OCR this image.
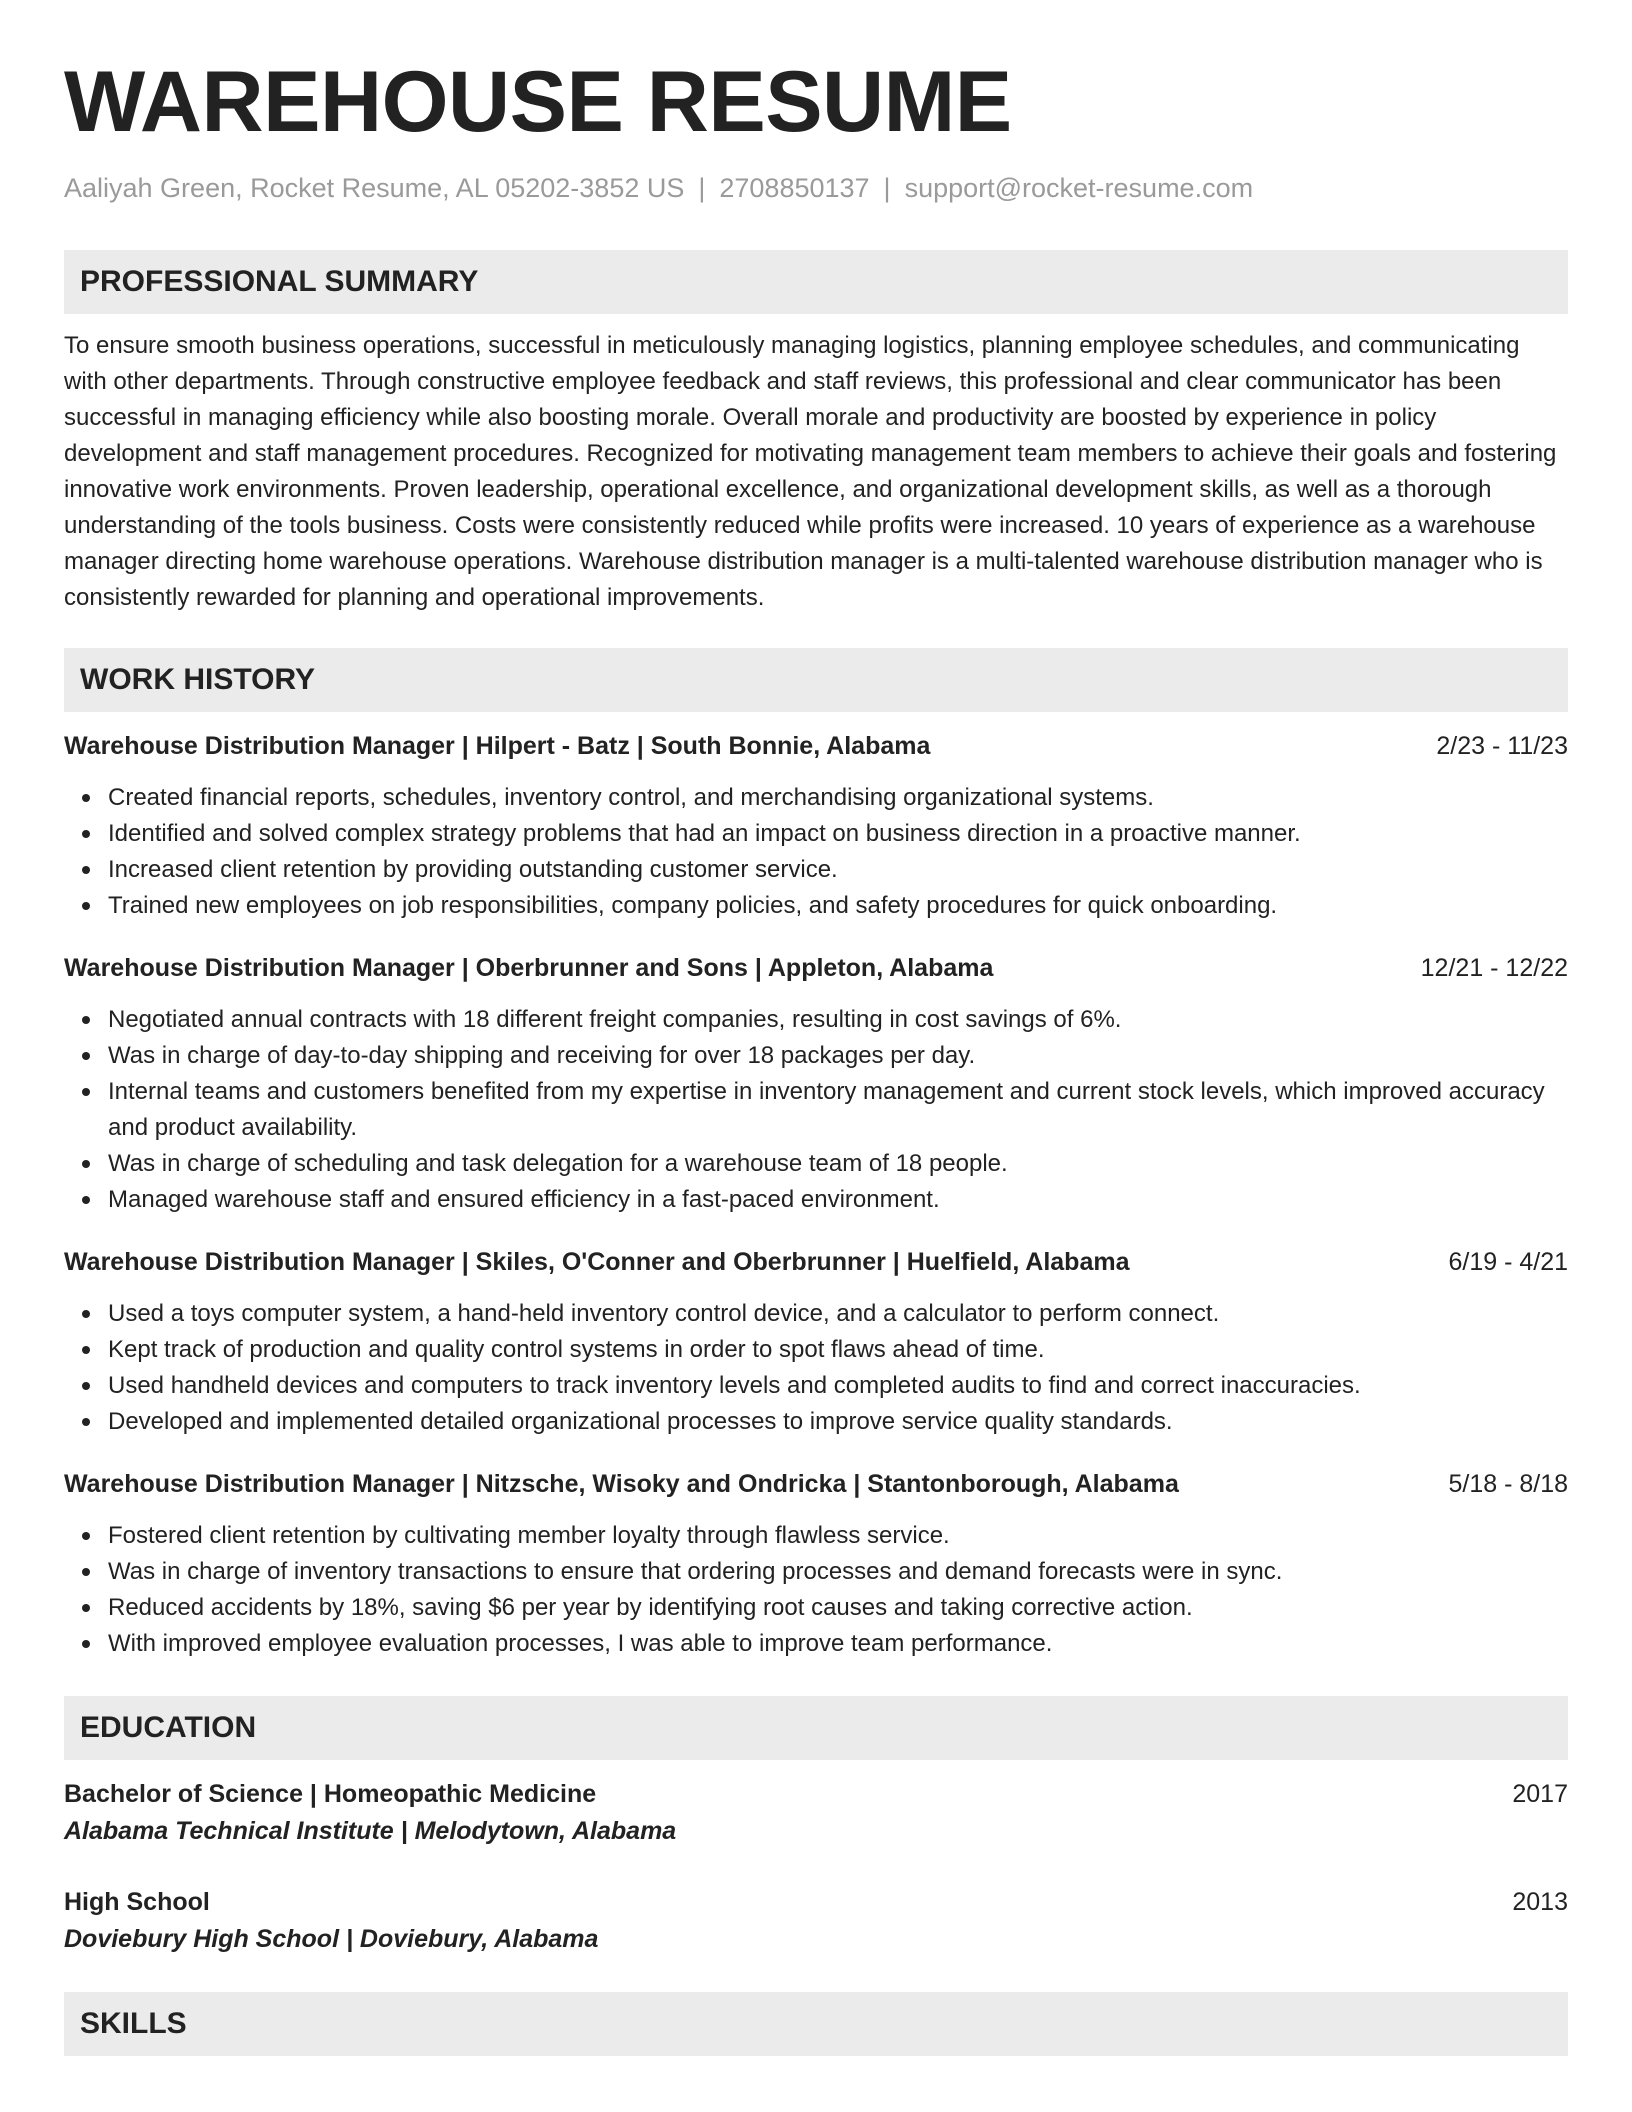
WAREHOUSE RESUME
Aaliyah Green, Rocket Resume, AL 05202-3852 US | 2708850137 | support@rocket-resume.com
PROFESSIONAL SUMMARY

To ensure smooth business operations, successful in meticulously managing logistics, planning employee schedules, and communicating with other departments. Through constructive employee feedback and staff reviews, this professional and clear communicator has been successful in managing efficiency while also boosting morale. Overall morale and productivity are boosted by experience in policy development and staff management procedures. Recognized for motivating management team members to achieve their goals and fostering innovative work environments. Proven leadership, operational excellence, and organizational development skills, as well as a thorough understanding of the tools business. Costs were consistently reduced while profits were increased. 10 years of experience as a warehouse manager directing home warehouse operations. Warehouse distribution manager is a multi-talented warehouse distribution manager who is consistently rewarded for planning and operational improvements.

WORK HISTORY
Warehouse Distribution Manager | Hilpert - Batz | South Bonnie, Alabama	2/23 - 11/23
Created financial reports, schedules, inventory control, and merchandising organizational systems.
Identified and solved complex strategy problems that had an impact on business direction in a proactive manner.
Increased client retention by providing outstanding customer service.
Trained new employees on job responsibilities, company policies, and safety procedures for quick onboarding.
Warehouse Distribution Manager | Oberbrunner and Sons | Appleton, Alabama	12/21 - 12/22
Negotiated annual contracts with 18 different freight companies, resulting in cost savings of 6%.
Was in charge of day-to-day shipping and receiving for over 18 packages per day.
Internal teams and customers benefited from my expertise in inventory management and current stock levels, which improved accuracy and product availability.
Was in charge of scheduling and task delegation for a warehouse team of 18 people.
Managed warehouse staff and ensured efficiency in a fast-paced environment.
Warehouse Distribution Manager | Skiles, O'Conner and Oberbrunner | Huelfield, Alabama	6/19 - 4/21
Used a toys computer system, a hand-held inventory control device, and a calculator to perform connect.
Kept track of production and quality control systems in order to spot flaws ahead of time.
Used handheld devices and computers to track inventory levels and completed audits to find and correct inaccuracies.
Developed and implemented detailed organizational processes to improve service quality standards.
Warehouse Distribution Manager | Nitzsche, Wisoky and Ondricka | Stantonborough, Alabama	5/18 - 8/18
Fostered client retention by cultivating member loyalty through flawless service.
Was in charge of inventory transactions to ensure that ordering processes and demand forecasts were in sync.
Reduced accidents by 18%, saving $6 per year by identifying root causes and taking corrective action.
With improved employee evaluation processes, I was able to improve team performance.
EDUCATION
Bachelor of Science | Homeopathic Medicine	2017
Alabama Technical Institute | Melodytown, Alabama
High School	2013
Doviebury High School | Doviebury, Alabama
SKILLS
